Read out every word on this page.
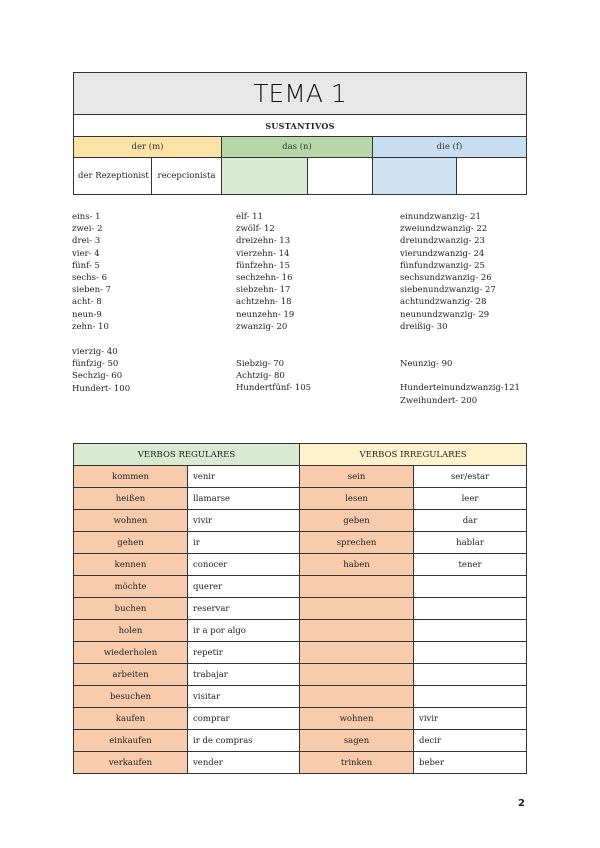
TEMA 1					
SUSTANTIVOS					
der (m)		das (n)		die (f)	
der Rezeptionist	recepcionista				
eins- 1
zwei- 2
drei- 3
vier- 4
fünf- 5
sechs- 6
sieben- 7
acht- 8
neun-9
zehn- 10
elf- 11
zwölf- 12
dreizehn- 13
vierzehn- 14
fünfzehn- 15
sechzehn- 16
siebzehn- 17
achtzehn- 18
neunzehn- 19
zwanzig- 20
einundzwanzig- 21
zweiundzwanzig- 22
dreiundzwanzig- 23
vierundzwanzig- 24
fünfundzwanzig- 25
sechsundzwanzig- 26
siebenundzwanzig- 27
achtundzwanzig- 28
neunundzwanzig- 29
dreißig- 30
vierzig- 40
fünfzig- 50
Sechzig- 60
Hundert- 100
Siebzig- 70
Achtzig- 80
Hundertfünf- 105
Neunzig- 90
Hunderteinundzwanzig-121
Zweihundert- 200
VERBOS REGULARES		VERBOS IRREGULARES	
kommen	venir	sein	ser/estar
heißen	llamarse	lesen	leer
wohnen	vivir	geben	dar
gehen	ir	sprechen	hablar
kennen	conocer	haben	tener
möchte	querer		
buchen	reservar		
holen	ir a por algo		
wiederholen	repetir		
arbeiten	trabajar		
besuchen	visitar		
kaufen	comprar	wohnen	vivir
einkaufen	ir de compras	sagen	decir
verkaufen	vender	trinken	beber
2
